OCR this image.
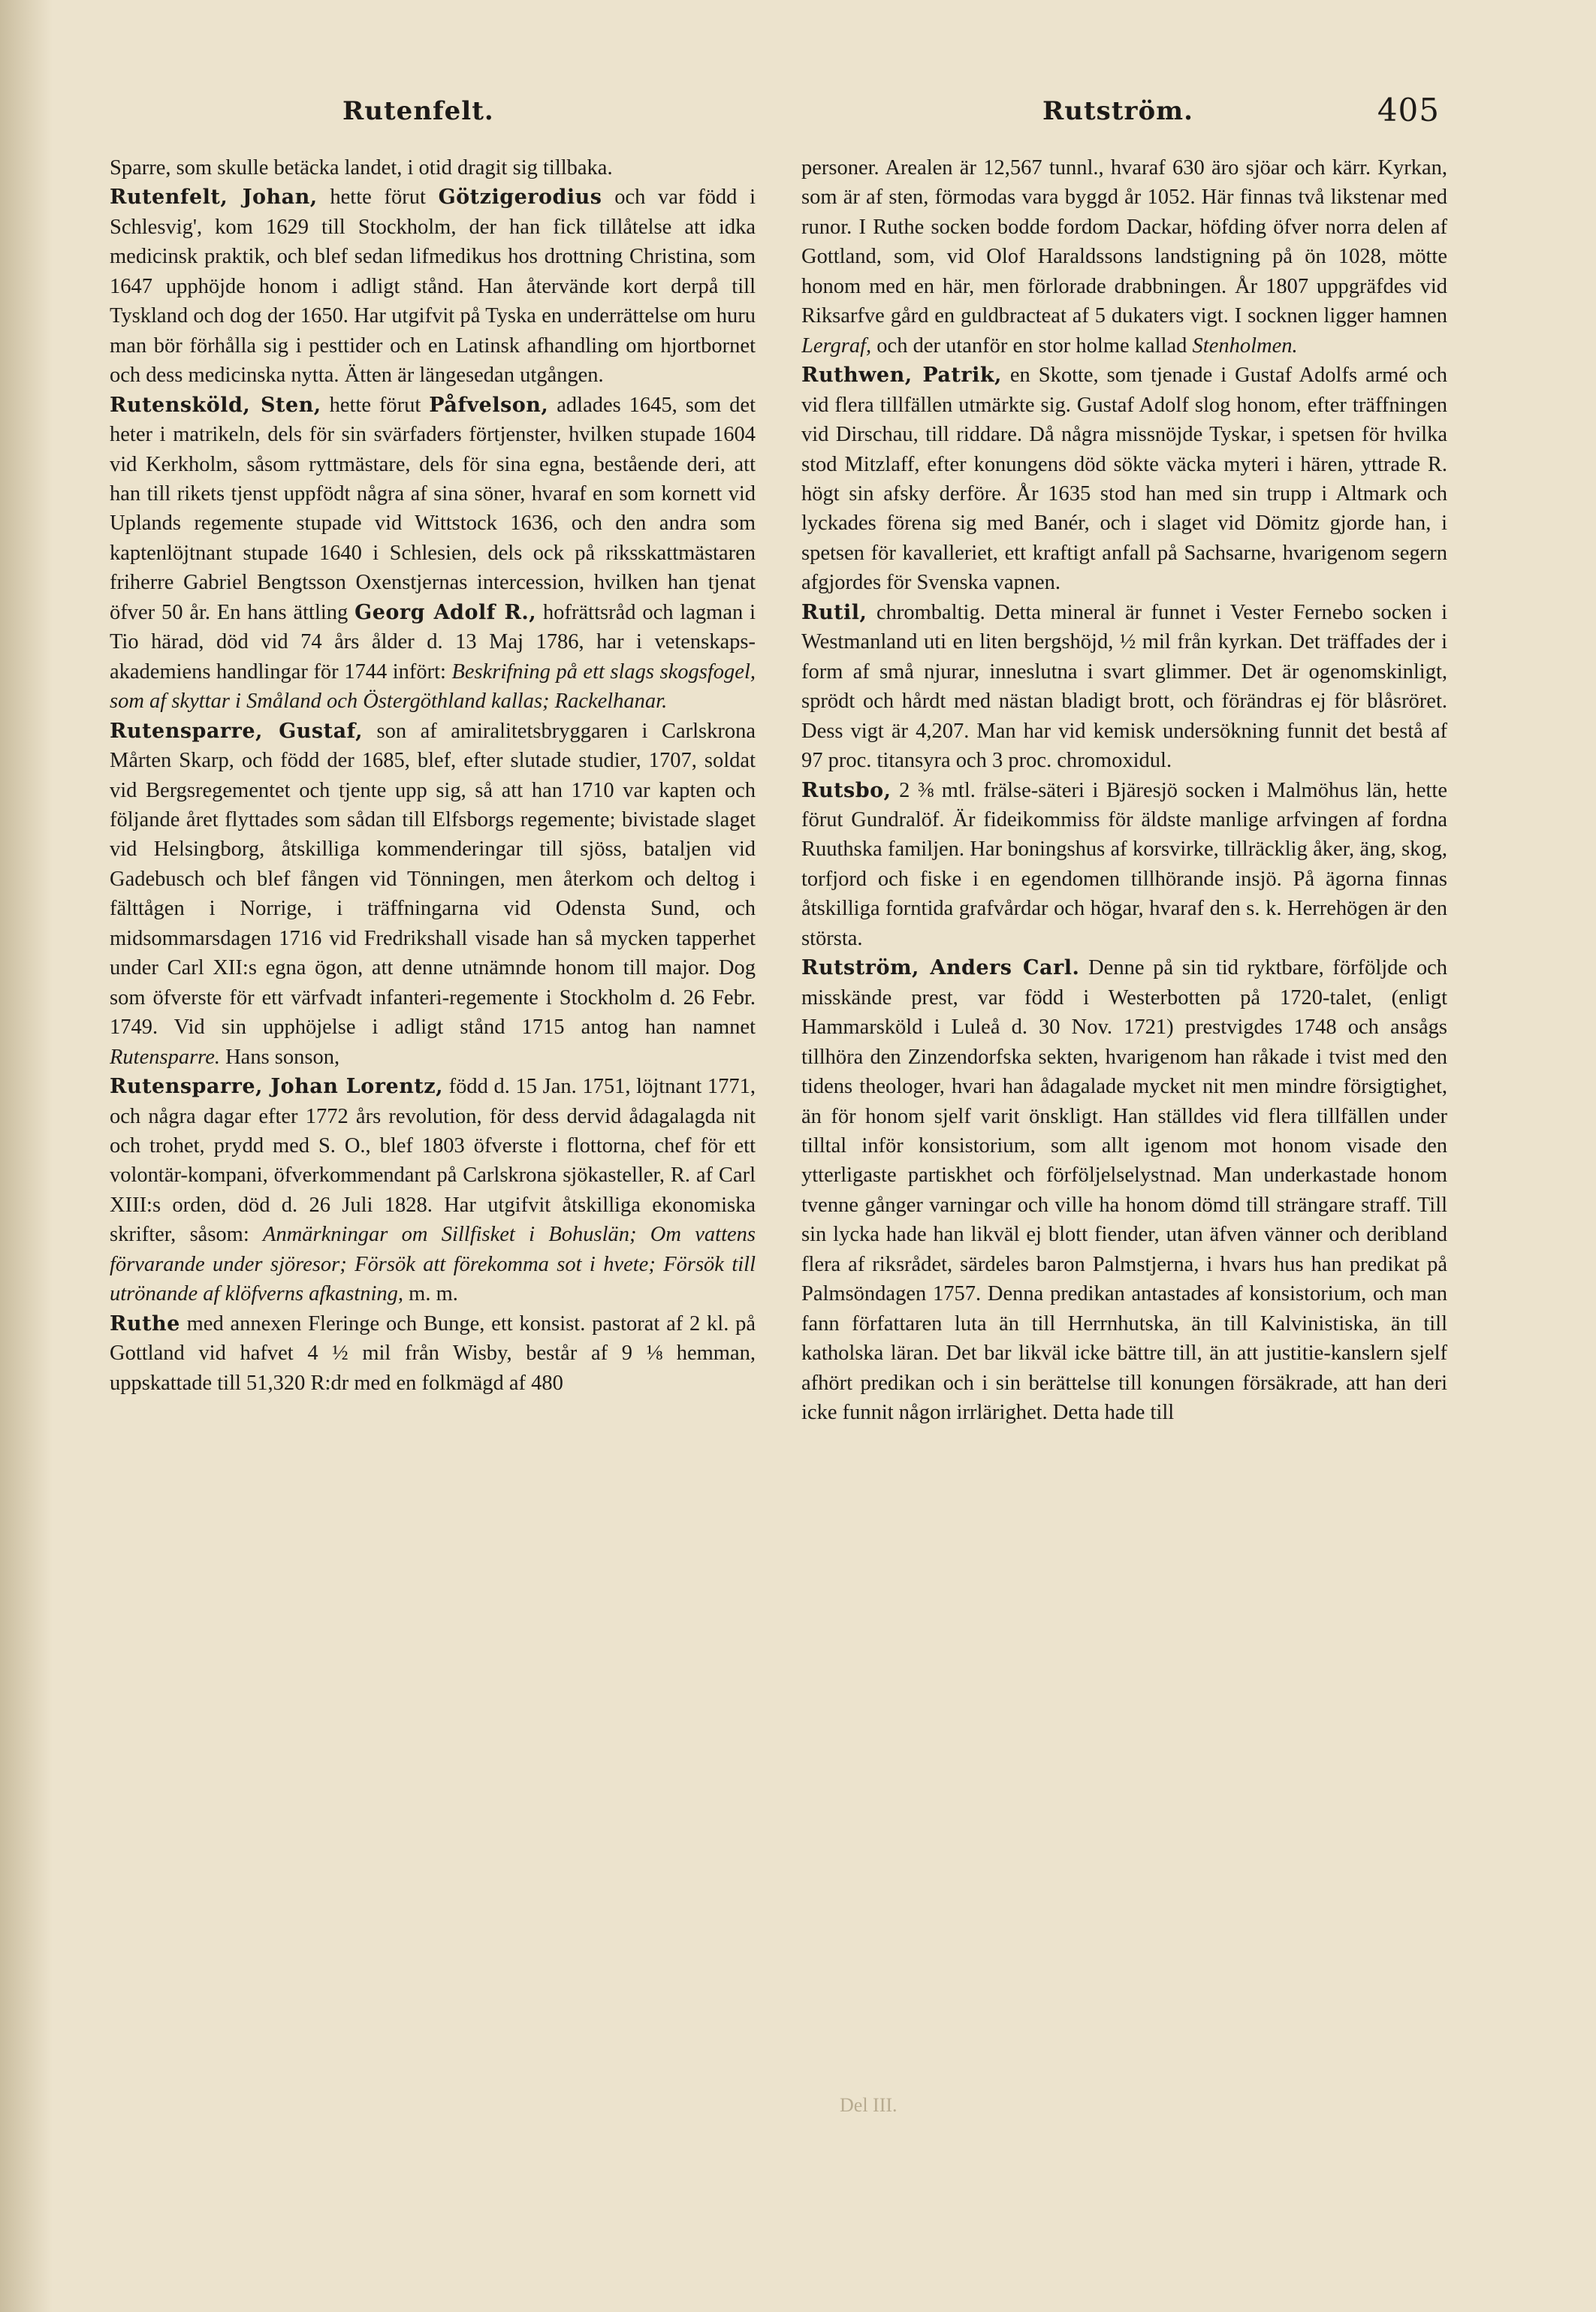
Rutenfelt.	Rutström.	405

Sparre, som skulle betäcka landet, i otid dragit sig tillbaka.

Rutenfelt, Johan, hette förut Götzigerodius och var född i Schlesvig', kom 1629 till Stockholm, der han fick tillåtelse att idka medicinsk praktik, och blef sedan lifmedikus hos drottning Christina, som 1647 upphöjde honom i adligt stånd. Han återvände kort derpå till Tyskland och dog der 1650. Har utgifvit på Tyska en underrättelse om huru man bör förhålla sig i pesttider och en Latinsk afhandling om hjortbornet och dess medicinska nytta. Ätten är längesedan utgången.

Rutensköld, Sten, hette förut Påfvelson, adlades 1645, som det heter i matrikeln, dels för sin svärfaders förtjenster, hvilken stupade 1604 vid Kerkholm, såsom ryttmästare, dels för sina egna, bestående deri, att han till rikets tjenst uppfödt några af sina söner, hvaraf en som kornett vid Uplands regemente stupade vid Wittstock 1636, och den andra som kaptenlöjtnant stupade 1640 i Schlesien, dels ock på riksskattmästaren friherre Gabriel Bengtsson Oxenstjernas intercession, hvilken han tjenat öfver 50 år. En hans ättling Georg Adolf R., hofrättsråd och lagman i Tio härad, död vid 74 års ålder d. 13 Maj 1786, har i vetenskaps-akademiens handlingar för 1744 infört: Beskrifning på ett slags skogsfogel, som af skyttar i Småland och Östergöthland kallas; Rackelhanar.

Rutensparre, Gustaf, son af amiralitetsbryggaren i Carlskrona Mårten Skarp, och född der 1685, blef, efter slutade studier, 1707, soldat vid Bergsregementet och tjente upp sig, så att han 1710 var kapten och följande året flyttades som sådan till Elfsborgs regemente; bivistade slaget vid Helsingborg, åtskilliga kommenderingar till sjöss, bataljen vid Gadebusch och blef fången vid Tönningen, men återkom och deltog i fälttågen i Norrige, i träffningarna vid Odensta Sund, och midsommarsdagen 1716 vid Fredrikshall visade han så mycken tapperhet under Carl XII:s egna ögon, att denne utnämnde honom till major. Dog som öfverste för ett värfvadt infanteri-regemente i Stockholm d. 26 Febr. 1749. Vid sin upphöjelse i adligt stånd 1715 antog han namnet Rutensparre. Hans sonson,

Rutensparre, Johan Lorentz, född d. 15 Jan. 1751, löjtnant 1771, och några dagar efter 1772 års revolution, för dess dervid ådagalagda nit och trohet, prydd med S. O., blef 1803 öfverste i flottorna, chef för ett volontär-kompani, öfverkommendant på Carlskrona sjökasteller, R. af Carl XIII:s orden, död d. 26 Juli 1828. Har utgifvit åtskilliga ekonomiska skrifter, såsom: Anmärkningar om Sillfisket i Bohuslän; Om vattens förvarande under sjöresor; Försök att förekomma sot i hvete; Försök till utrönande af klöfverns afkastning, m. m.

Ruthe med annexen Fleringe och Bunge, ett konsist. pastorat af 2 kl. på Gottland vid hafvet 4 ½ mil från Wisby, består af 9 ⅛ hemman, uppskattade till 51,320 R:dr med en folkmägd af 480

personer. Arealen är 12,567 tunnl., hvaraf 630 äro sjöar och kärr. Kyrkan, som är af sten, förmodas vara byggd år 1052. Här finnas två likstenar med runor. I Ruthe socken bodde fordom Dackar, höfding öfver norra delen af Gottland, som, vid Olof Haraldssons landstigning på ön 1028, mötte honom med en här, men förlorade drabbningen. År 1807 uppgräfdes vid Riksarfve gård en guldbracteat af 5 dukaters vigt. I socknen ligger hamnen Lergraf, och der utanför en stor holme kallad Stenholmen.

Ruthwen, Patrik, en Skotte, som tjenade i Gustaf Adolfs armé och vid flera tillfällen utmärkte sig. Gustaf Adolf slog honom, efter träffningen vid Dirschau, till riddare. Då några missnöjde Tyskar, i spetsen för hvilka stod Mitzlaff, efter konungens död sökte väcka myteri i hären, yttrade R. högt sin afsky derföre. År 1635 stod han med sin trupp i Altmark och lyckades förena sig med Banér, och i slaget vid Dömitz gjorde han, i spetsen för kavalleriet, ett kraftigt anfall på Sachsarne, hvarigenom segern afgjordes för Svenska vapnen.

Rutil, chrombaltig. Detta mineral är funnet i Vester Fernebo socken i Westmanland uti en liten bergshöjd, ½ mil från kyrkan. Det träffades der i form af små njurar, inneslutna i svart glimmer. Det är ogenomskinligt, sprödt och hårdt med nästan bladigt brott, och förändras ej för blåsröret. Dess vigt är 4,207. Man har vid kemisk undersökning funnit det bestå af 97 proc. titansyra och 3 proc. chromoxidul.

Rutsbo, 2 ⅜ mtl. frälse-säteri i Bjäresjö socken i Malmöhus län, hette förut Gundralöf. Är fideikommiss för äldste manlige arfvingen af fordna Ruuthska familjen. Har boningshus af korsvirke, tillräcklig åker, äng, skog, torfjord och fiske i en egendomen tillhörande insjö. På ägorna finnas åtskilliga forntida grafvårdar och högar, hvaraf den s. k. Herrehögen är den största.

Rutström, Anders Carl. Denne på sin tid ryktbare, förföljde och misskände prest, var född i Westerbotten på 1720-talet, (enligt Hammarsköld i Luleå d. 30 Nov. 1721) prestvigdes 1748 och ansågs tillhöra den Zinzendorfska sekten, hvarigenom han råkade i tvist med den tidens theologer, hvari han ådagalade mycket nit men mindre försigtighet, än för honom sjelf varit önskligt. Han ställdes vid flera tillfällen under tilltal inför konsistorium, som allt igenom mot honom visade den ytterligaste partiskhet och förföljelselystnad. Man underkastade honom tvenne gånger varningar och ville ha honom dömd till strängare straff. Till sin lycka hade han likväl ej blott fiender, utan äfven vänner och deribland flera af riksrådet, särdeles baron Palmstjerna, i hvars hus han predikat på Palmsöndagen 1757. Denna predikan antastades af konsistorium, och man fann författaren luta än till Herrnhutska, än till Kalvinistiska, än till katholska läran. Det bar likväl icke bättre till, än att justitie-kanslern sjelf afhört predikan och i sin berättelse till konungen försäkrade, att han deri icke funnit någon irrlärighet. Detta hade till

Del III.
